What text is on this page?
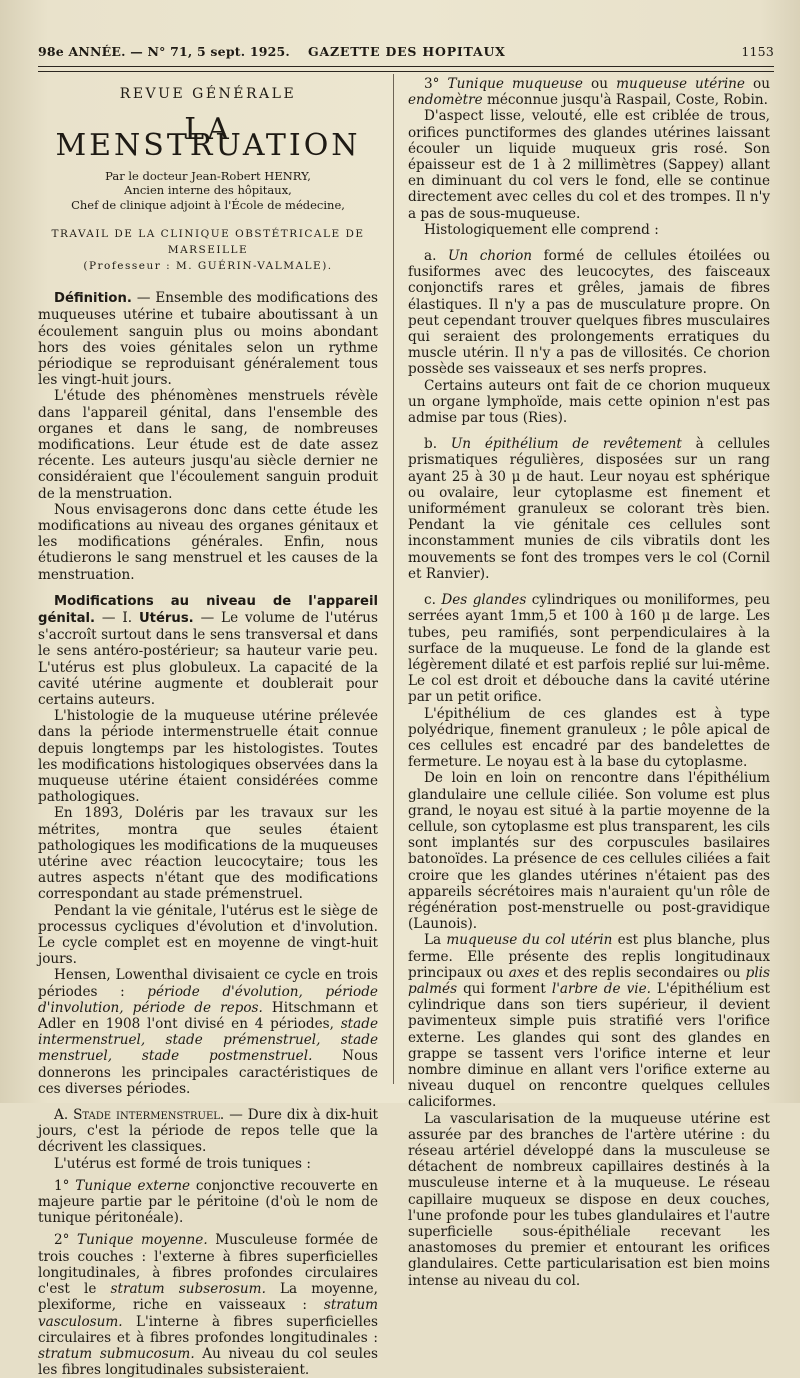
98e ANNÉE. — N° 71, 5 sept. 1925. GAZETTE DES HOPITAUX	1153
REVUE GÉNÉRALE
LA MENSTRUATION
Par le docteur Jean-Robert HENRY,
Ancien interne des hôpitaux,
Chef de clinique adjoint à l'École de médecine,
TRAVAIL DE LA CLINIQUE OBSTÉTRICALE DE MARSEILLE
(Professeur : M. GUÉRIN-VALMALE).

Définition. — Ensemble des modifications des muqueuses utérine et tubaire aboutissant à un écoulement sanguin plus ou moins abondant hors des voies génitales selon un rythme périodique se reproduisant généralement tous les vingt-huit jours.

L'étude des phénomènes menstruels révèle dans l'appareil génital, dans l'ensemble des organes et dans le sang, de nombreuses modifications. Leur étude est de date assez récente. Les auteurs jusqu'au siècle dernier ne considéraient que l'écoulement sanguin produit de la menstruation.

Nous envisagerons donc dans cette étude les modifications au niveau des organes génitaux et les modifications générales. Enfin, nous étudierons le sang menstruel et les causes de la menstruation.

Modifications au niveau de l'appareil génital. — I. Utérus. — Le volume de l'utérus s'accroît surtout dans le sens transversal et dans le sens antéro-postérieur; sa hauteur varie peu. L'utérus est plus globuleux. La capacité de la cavité utérine augmente et doublerait pour certains auteurs.

L'histologie de la muqueuse utérine prélevée dans la période intermenstruelle était connue depuis longtemps par les histologistes. Toutes les modifications histologiques observées dans la muqueuse utérine étaient considérées comme pathologiques.

En 1893, Doléris par les travaux sur les métrites, montra que seules étaient pathologiques les modifications de la muqueuses utérine avec réaction leucocytaire; tous les autres aspects n'étant que des modifications correspondant au stade prémenstruel.

Pendant la vie génitale, l'utérus est le siège de processus cycliques d'évolution et d'involution. Le cycle complet est en moyenne de vingt-huit jours.

Hensen, Lowenthal divisaient ce cycle en trois périodes : période d'évolution, période d'involution, période de repos. Hitschmann et Adler en 1908 l'ont divisé en 4 périodes, stade intermenstruel, stade prémenstruel, stade menstruel, stade postmenstruel. Nous donnerons les principales caractéristiques de ces diverses périodes.

A. Stade intermenstruel. — Dure dix à dix-huit jours, c'est la période de repos telle que la décrivent les classiques.

L'utérus est formé de trois tuniques :

1° Tunique externe conjonctive recouverte en majeure partie par le péritoine (d'où le nom de tunique péritonéale).

2° Tunique moyenne. Musculeuse formée de trois couches : l'externe à fibres superficielles longitudinales, à fibres profondes circulaires c'est le stratum subserosum. La moyenne, plexiforme, riche en vaisseaux : stratum vasculosum. L'interne à fibres superficielles circulaires et à fibres profondes longitudinales : stratum submucosum. Au niveau du col seules les fibres longitudinales subsisteraient.

3° Tunique muqueuse ou muqueuse utérine ou endomètre méconnue jusqu'à Raspail, Coste, Robin.

D'aspect lisse, velouté, elle est criblée de trous, orifices punctiformes des glandes utérines laissant écouler un liquide muqueux gris rosé. Son épaisseur est de 1 à 2 millimètres (Sappey) allant en diminuant du col vers le fond, elle se continue directement avec celles du col et des trompes. Il n'y a pas de sous-muqueuse.

Histologiquement elle comprend :

a. Un chorion formé de cellules étoilées ou fusiformes avec des leucocytes, des faisceaux conjonctifs rares et grêles, jamais de fibres élastiques. Il n'y a pas de musculature propre. On peut cependant trouver quelques fibres musculaires qui seraient des prolongements erratiques du muscle utérin. Il n'y a pas de villosités. Ce chorion possède ses vaisseaux et ses nerfs propres.

Certains auteurs ont fait de ce chorion muqueux un organe lymphoïde, mais cette opinion n'est pas admise par tous (Ries).

b. Un épithélium de revêtement à cellules prismatiques régulières, disposées sur un rang ayant 25 à 30 μ de haut. Leur noyau est sphérique ou ovalaire, leur cytoplasme est finement et uniformément granuleux se colorant très bien. Pendant la vie génitale ces cellules sont inconstamment munies de cils vibratils dont les mouvements se font des trompes vers le col (Cornil et Ranvier).

c. Des glandes cylindriques ou moniliformes, peu serrées ayant 1mm,5 et 100 à 160 μ de large. Les tubes, peu ramifiés, sont perpendiculaires à la surface de la muqueuse. Le fond de la glande est légèrement dilaté et est parfois replié sur lui-même. Le col est droit et débouche dans la cavité utérine par un petit orifice.

L'épithélium de ces glandes est à type polyédrique, finement granuleux ; le pôle apical de ces cellules est encadré par des bandelettes de fermeture. Le noyau est à la base du cytoplasme.

De loin en loin on rencontre dans l'épithélium glandulaire une cellule ciliée. Son volume est plus grand, le noyau est situé à la partie moyenne de la cellule, son cytoplasme est plus transparent, les cils sont implantés sur des corpuscules basilaires batonoïdes. La présence de ces cellules ciliées a fait croire que les glandes utérines n'étaient pas des appareils sécrétoires mais n'auraient qu'un rôle de régénération post-menstruelle ou post-gravidique (Launois).

La muqueuse du col utérin est plus blanche, plus ferme. Elle présente des replis longitudinaux principaux ou axes et des replis secondaires ou plis palmés qui forment l'arbre de vie. L'épithélium est cylindrique dans son tiers supérieur, il devient pavimenteux simple puis stratifié vers l'orifice externe. Les glandes qui sont des glandes en grappe se tassent vers l'orifice interne et leur nombre diminue en allant vers l'orifice externe au niveau duquel on rencontre quelques cellules caliciformes.

La vascularisation de la muqueuse utérine est assurée par des branches de l'artère utérine : du réseau artériel développé dans la musculeuse se détachent de nombreux capillaires destinés à la musculeuse interne et à la muqueuse. Le réseau capillaire muqueux se dispose en deux couches, l'une profonde pour les tubes glandulaires et l'autre superficielle sous-épithéliale recevant les anastomoses du premier et entourant les orifices glandulaires. Cette particularisation est bien moins intense au niveau du col.
